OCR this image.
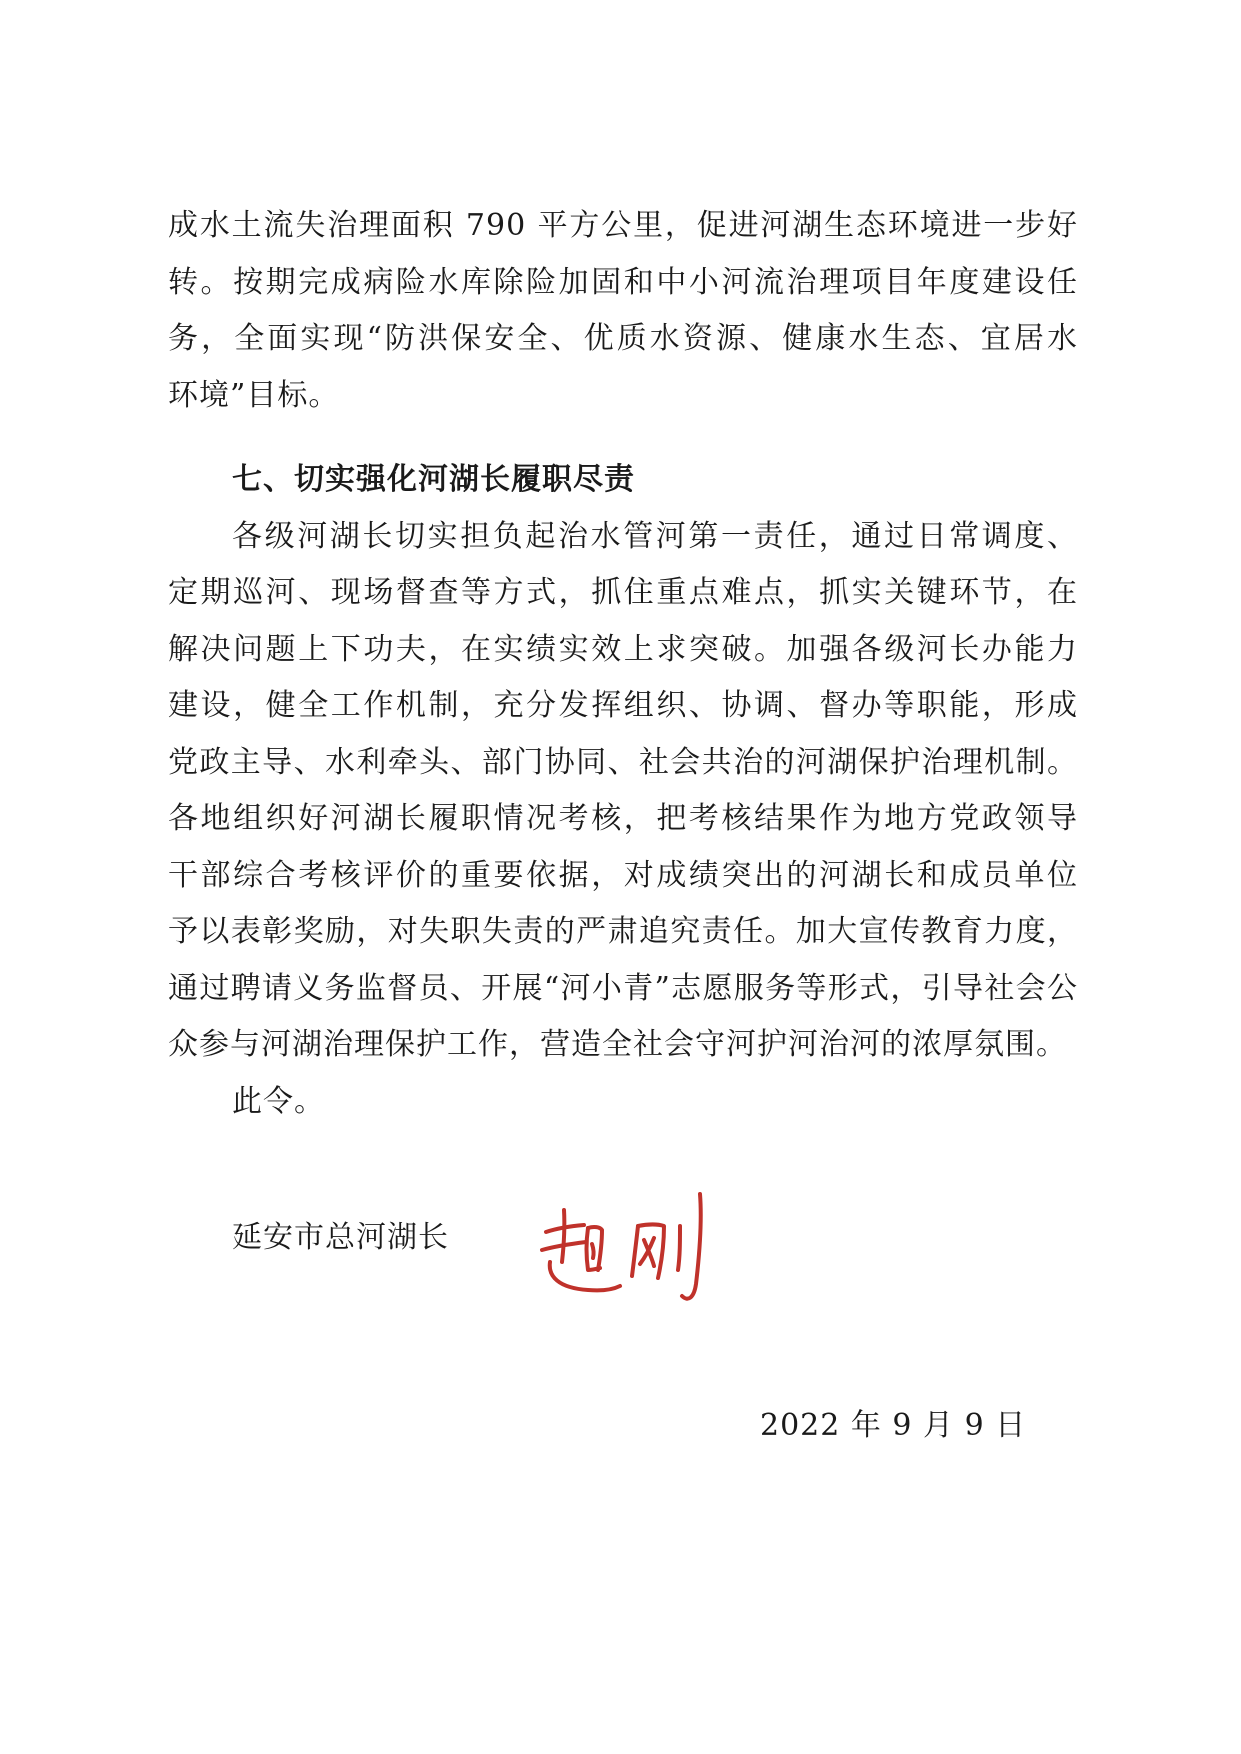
成水土流失治理面积 790 平方公里，促进河湖生态环境进一步好
转。按期完成病险水库除险加固和中小河流治理项目年度建设任
务，全面实现“防洪保安全、优质水资源、健康水生态、宜居水
环境”目标。
七、切实强化河湖长履职尽责
各级河湖长切实担负起治水管河第一责任，通过日常调度、
定期巡河、现场督查等方式，抓住重点难点，抓实关键环节，在
解决问题上下功夫，在实绩实效上求突破。加强各级河长办能力
建设，健全工作机制，充分发挥组织、协调、督办等职能，形成
党政主导、水利牵头、部门协同、社会共治的河湖保护治理机制。
各地组织好河湖长履职情况考核，把考核结果作为地方党政领导
干部综合考核评价的重要依据，对成绩突出的河湖长和成员单位
予以表彰奖励，对失职失责的严肃追究责任。加大宣传教育力度，
通过聘请义务监督员、开展“河小青”志愿服务等形式，引导社会公
众参与河湖治理保护工作，营造全社会守河护河治河的浓厚氛围。
此令。
延安市总河湖长
2022 年 9 月 9 日
